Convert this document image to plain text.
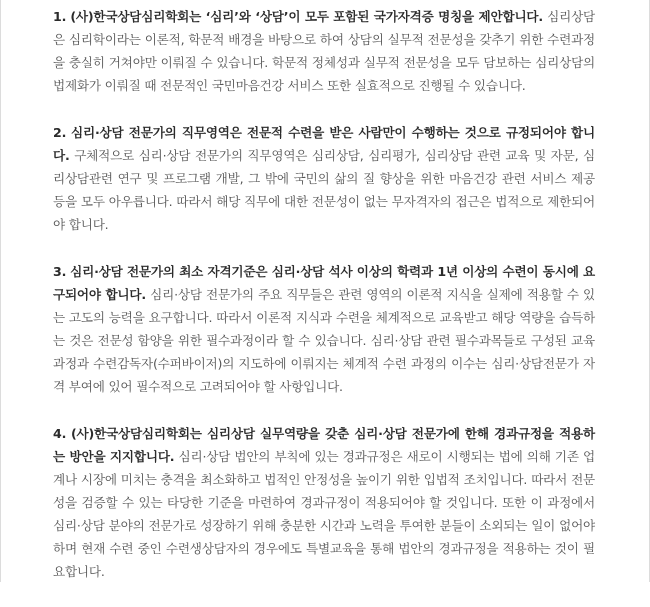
1. (사)한국상담심리학회는 ‘심리’와 ‘상담’이 모두 포함된 국가자격증 명칭을 제안합니다. 심리상담은 심리학이라는 이론적, 학문적 배경을 바탕으로 하여 상담의 실무적 전문성을 갖추기 위한 수련과정을 충실히 거쳐야만 이뤄질 수 있습니다. 학문적 정체성과 실무적 전문성을 모두 담보하는 심리상담의 법제화가 이뤄질 때 전문적인 국민마음건강 서비스 또한 실효적으로 진행될 수 있습니다.

2. 심리·상담 전문가의 직무영역은 전문적 수련을 받은 사람만이 수행하는 것으로 규정되어야 합니다. 구체적으로 심리·상담 전문가의 직무영역은 심리상담, 심리평가, 심리상담 관련 교육 및 자문, 심리상담관련 연구 및 프로그램 개발, 그 밖에 국민의 삶의 질 향상을 위한 마음건강 관련 서비스 제공 등을 모두 아우릅니다. 따라서 해당 직무에 대한 전문성이 없는 무자격자의 접근은 법적으로 제한되어야 합니다.

3. 심리·상담 전문가의 최소 자격기준은 심리·상담 석사 이상의 학력과 1년 이상의 수련이 동시에 요구되어야 합니다. 심리·상담 전문가의 주요 직무들은 관련 영역의 이론적 지식을 실제에 적용할 수 있는 고도의 능력을 요구합니다. 따라서 이론적 지식과 수련을 체계적으로 교육받고 해당 역량을 습득하는 것은 전문성 함양을 위한 필수과정이라 할 수 있습니다. 심리·상담 관련 필수과목들로 구성된 교육과정과 수련감독자(수퍼바이저)의 지도하에 이뤄지는 체계적 수련 과정의 이수는 심리·상담전문가 자격 부여에 있어 필수적으로 고려되어야 할 사항입니다.

4. (사)한국상담심리학회는 심리상담 실무역량을 갖춘 심리·상담 전문가에 한해 경과규정을 적용하는 방안을 지지합니다. 심리·상담 법안의 부칙에 있는 경과규정은 새로이 시행되는 법에 의해 기존 업계나 시장에 미치는 충격을 최소화하고 법적인 안정성을 높이기 위한 입법적 조치입니다. 따라서 전문성을 검증할 수 있는 타당한 기준을 마련하여 경과규정이 적용되어야 할 것입니다. 또한 이 과정에서 심리·상담 분야의 전문가로 성장하기 위해 충분한 시간과 노력을 투여한 분들이 소외되는 일이 없어야 하며 현재 수련 중인 수련생상담자의 경우에도 특별교육을 통해 법안의 경과규정을 적용하는 것이 필요합니다.
